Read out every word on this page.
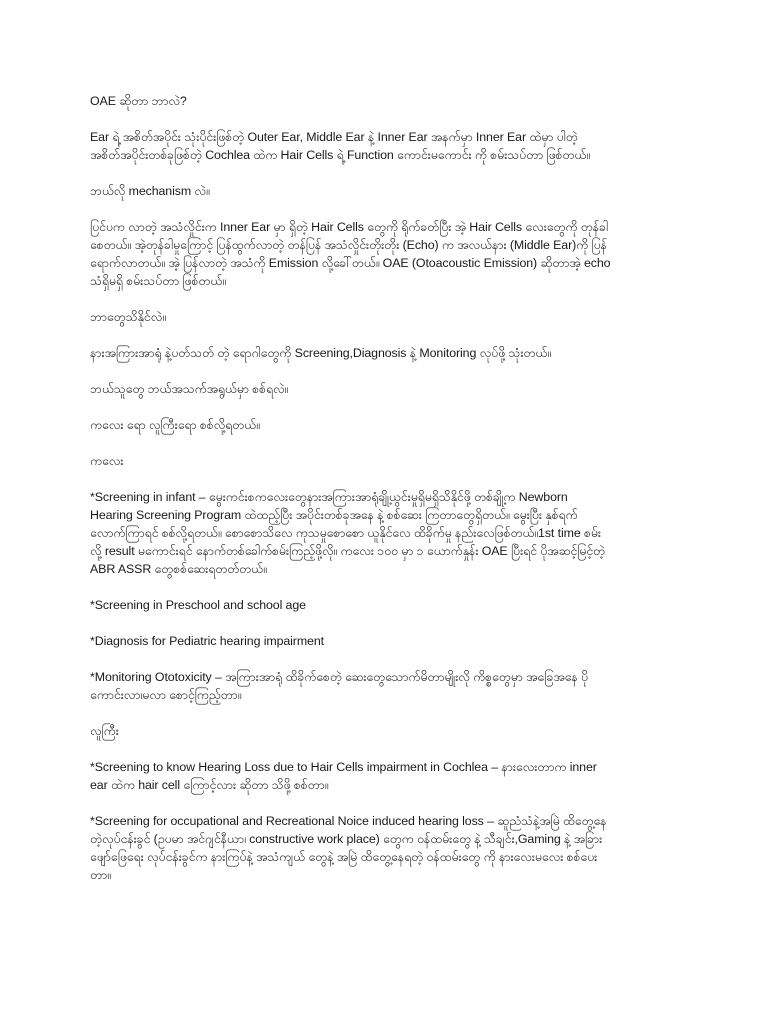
OAE ဆိုတာ ဘာလဲ?

Ear ရဲ့ အစိတ်အပိုင်း သုံးပိုင်းဖြစ်တဲ့ Outer Ear, Middle Ear နဲ့ Inner Ear အနက်မှာ Inner Ear ထဲမှာ ပါတဲ့
အစိတ်အပိုင်းတစ်ခုဖြစ်တဲ့ Cochlea ထဲက Hair Cells ရဲ့ Function ကောင်းမကောင်း ကို စမ်းသပ်တာ ဖြစ်တယ်။

ဘယ်လို mechanism လဲ။

ပြင်ပက လာတဲ့ အသံလှိုင်းက Inner Ear မှာ ရှိတဲ့ Hair Cells တွေကို ရိုက်ခတ်ပြီး အဲ့ Hair Cells လေးတွေကို တုန်ခါ
စေတယ်။ အဲ့တုန်ခါမှုကြောင့် ပြန်ထွက်လာတဲ့ တန်ပြန် အသံလှိုင်းတိုးတိုး (Echo) က အလယ်နား (Middle Ear)ကို ပြန်
ရောက်လာတယ်။ အဲ့ ပြန်လာတဲ့ အသံကို Emission လို့ခေါ်တယ်။ OAE (Otoacoustic Emission) ဆိုတာအဲ့ echo
သံရှိမရှိ စမ်းသပ်တာ ဖြစ်တယ်။

ဘာတွေသိနိုင်လဲ။

နားအကြားအာရုံ နဲ့ပတ်သတ် တဲ့ ရောဂါတွေကို Screening,Diagnosis နဲ့ Monitoring လုပ်ဖို့ သုံးတယ်။

ဘယ်သူတွေ ဘယ်အသက်အရွယ်မှာ စစ်ရလဲ။

ကလေး ရော လူကြီးရော စစ်လို့ရတယ်။

ကလေး

*Screening in infant – မွေးကင်းစကလေးတွေနားအကြားအာရုံချို့ယွင်းမှုရှိမရှိသိနိုင်ဖို့ တစ်ချို့က Newborn
Hearing Screening Program ထဲထည့်ပြီး အပိုင်းတစ်ခုအနေ နဲ့ စစ်ဆေး ကြတာတွေရှိတယ်။ မွေးပြီး နှစ်ရက်
လောက်ကြာရင် စစ်လို့ရတယ်။ စောစောသိလေ ကုသမှုစောစော ယူနိုင်လေ ထိခိုက်မှု နည်းလေဖြစ်တယ်။1st time စမ်း
လို့ result မကောင်းရင် နောက်တစ်ခေါက်စမ်းကြည့်ဖို့လို။ ကလေး ၁၀၀ မှာ ၁ ယောက်နှုန်း OAE ပြီးရင် ပိုအဆင့်မြင့်တဲ့
ABR ASSR တွေစစ်ဆေးရတတ်တယ်။

*Screening in Preschool and school age

*Diagnosis for Pediatric hearing impairment

*Monitoring Ototoxicity – အကြားအာရုံ ထိခိုက်စေတဲ့ ဆေးတွေသောက်မိတာမျိုးလို ကိစ္စတွေမှာ အခြေအနေ ပို
ကောင်းလာ၊မလာ စောင့်ကြည့်တာ။

လူကြီး

*Screening to know Hearing Loss due to Hair Cells impairment in Cochlea – နားလေးတာက inner
ear ထဲက hair cell ကြောင့်လား ဆိုတာ သိဖို့ စစ်တာ။

*Screening for occupational and Recreational Noice induced hearing loss – ဆူညံသံနဲ့အမြဲ ထိတွေ့နေ
တဲ့လုပ်ငန်းခွင် (ဥပမာ အင်ဂျင်နီယာ၊ constructive work place) တွေက ဝန်ထမ်းတွေ နဲ့ သီချင်း,Gaming နဲ့ အခြား
ဖျော်ဖြေရေး လုပ်ငန်းခွင်က နားကြပ်နဲ့ အသံကျယ် တွေနဲ့ အမြဲ ထိတွေ့နေရတဲ့ ဝန်ထမ်းတွေ ကို နားလေးမလေး စစ်ပေး
တာ။
